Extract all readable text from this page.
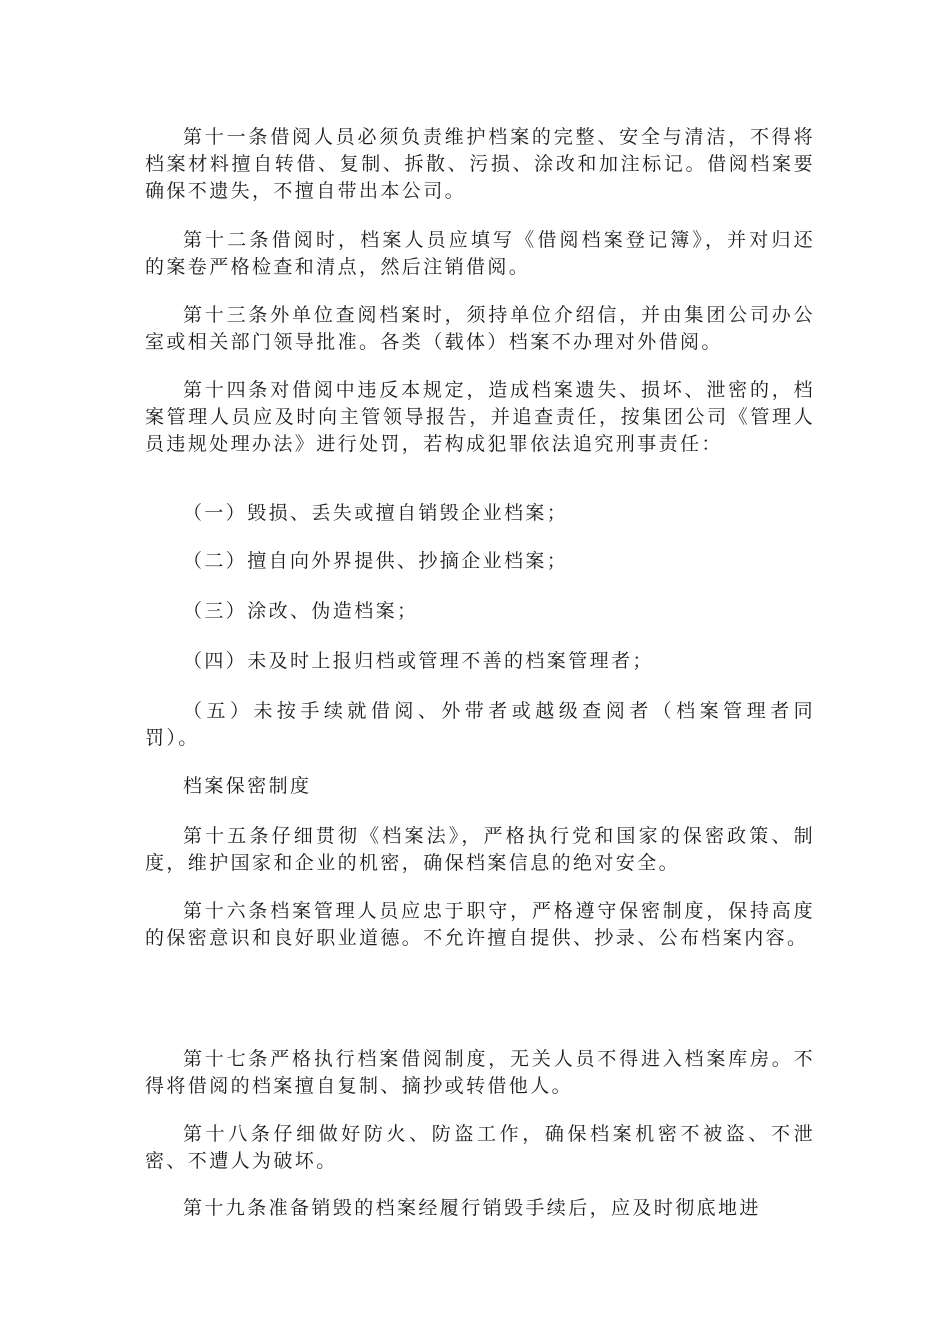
第十一条借阅人员必须负责维护档案的完整、安全与清洁，不得将档案材料擅自转借、复制、拆散、污损、涂改和加注标记。借阅档案要确保不遗失，不擅自带出本公司。

第十二条借阅时，档案人员应填写《借阅档案登记簿》，并对归还的案卷严格检查和清点，然后注销借阅。

第十三条外单位查阅档案时，须持单位介绍信，并由集团公司办公室或相关部门领导批准。各类（载体）档案不办理对外借阅。

第十四条对借阅中违反本规定，造成档案遗失、损坏、泄密的，档案管理人员应及时向主管领导报告，并追查责任，按集团公司《管理人员违规处理办法》进行处罚，若构成犯罪依法追究刑事责任：

（一）毁损、丢失或擅自销毁企业档案；

（二）擅自向外界提供、抄摘企业档案；

（三）涂改、伪造档案；

（四）未及时上报归档或管理不善的档案管理者；

（五）未按手续就借阅、外带者或越级查阅者（档案管理者同罚）。

档案保密制度

第十五条仔细贯彻《档案法》，严格执行党和国家的保密政策、制度，维护国家和企业的机密，确保档案信息的绝对安全。

第十六条档案管理人员应忠于职守，严格遵守保密制度，保持高度的保密意识和良好职业道德。不允许擅自提供、抄录、公布档案内容。

第十七条严格执行档案借阅制度，无关人员不得进入档案库房。不得将借阅的档案擅自复制、摘抄或转借他人。

第十八条仔细做好防火、防盗工作，确保档案机密不被盗、不泄密、不遭人为破坏。

第十九条准备销毁的档案经履行销毁手续后，应及时彻底地进
